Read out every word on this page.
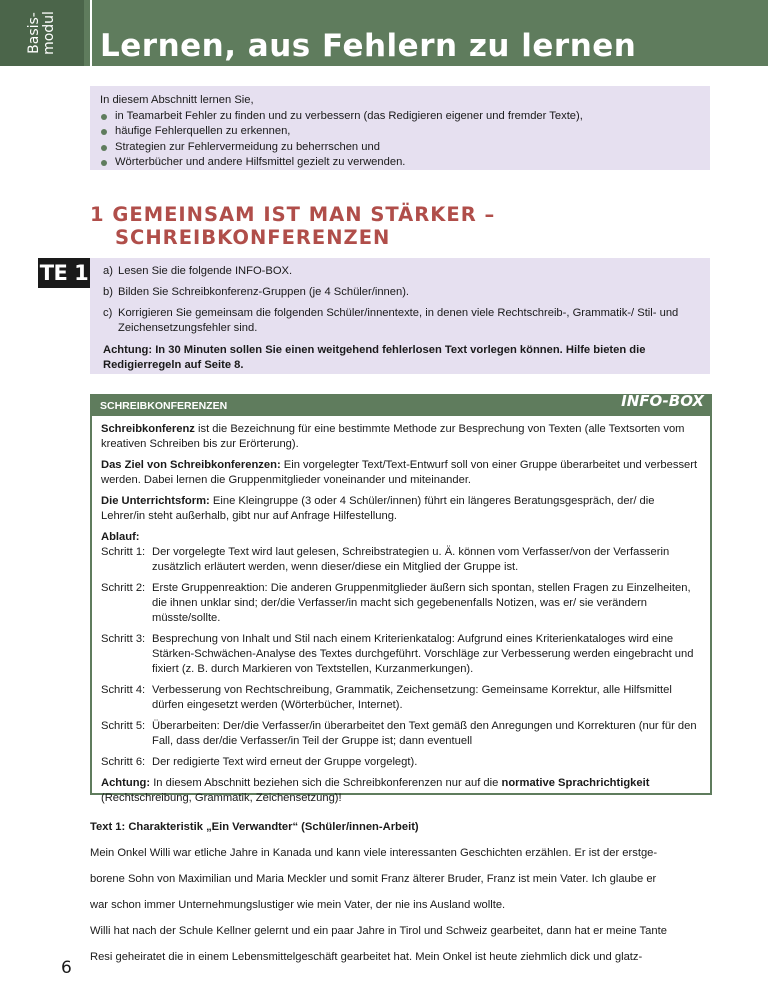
Basis- modul Lernen, aus Fehlern zu lernen
In diesem Abschnitt lernen Sie,
in Teamarbeit Fehler zu finden und zu verbessern (das Redigieren eigener und fremder Texte),
häufige Fehlerquellen zu erkennen,
Strategien zur Fehlervermeidung zu beherrschen und
Wörterbücher und andere Hilfsmittel gezielt zu verwenden.
1 GEMEINSAM IST MAN STÄRKER –
SCHREIBKONFERENZEN
TE 1 a) Lesen Sie die folgende INFO-BOX.
b) Bilden Sie Schreibkonferenz-Gruppen (je 4 Schüler/innen).
c) Korrigieren Sie gemeinsam die folgenden Schüler/innentexte, in denen viele Rechtschreib-, Grammatik-/ Stil- und Zeichensetzungsfehler sind.
Achtung: In 30 Minuten sollen Sie einen weitgehend fehlerlosen Text vorlegen können. Hilfe bieten die Redigierregeln auf Seite 8.
SCHREIBKONFERENZEN	INFO-BOX

Schreibkonferenz ist die Bezeichnung für eine bestimmte Methode zur Besprechung von Texten (alle Textsorten vom kreativen Schreiben bis zur Erörterung).

Das Ziel von Schreibkonferenzen: Ein vorgelegter Text/Text-Entwurf soll von einer Gruppe überarbeitet und verbessert werden. Dabei lernen die Gruppenmitglieder voneinander und miteinander.

Die Unterrichtsform: Eine Kleingruppe (3 oder 4 Schüler/innen) führt ein längeres Beratungsgespräch, der/ die Lehrer/in steht außerhalb, gibt nur auf Anfrage Hilfestellung.

Ablauf:
Schritt 1: Der vorgelegte Text wird laut gelesen, Schreibstrategien u. Ä. können vom Verfasser/von der Verfasserin zusätzlich erläutert werden, wenn dieser/diese ein Mitglied der Gruppe ist.
Schritt 2: Erste Gruppenreaktion: Die anderen Gruppenmitglieder äußern sich spontan, stellen Fragen zu Einzelheiten, die ihnen unklar sind; der/die Verfasser/in macht sich gegebenenfalls Notizen, was er/ sie verändern müsste/sollte.
Schritt 3: Besprechung von Inhalt und Stil nach einem Kriterienkatalog: Aufgrund eines Kriterienkataloges wird eine Stärken-Schwächen-Analyse des Textes durchgeführt. Vorschläge zur Verbesserung werden eingebracht und fixiert (z. B. durch Markieren von Textstellen, Kurzanmerkungen).
Schritt 4: Verbesserung von Rechtschreibung, Grammatik, Zeichensetzung: Gemeinsame Korrektur, alle Hilfsmittel dürfen eingesetzt werden (Wörterbücher, Internet).
Schritt 5: Überarbeiten: Der/die Verfasser/in überarbeitet den Text gemäß den Anregungen und Korrekturen (nur für den Fall, dass der/die Verfasser/in Teil der Gruppe ist; dann eventuell
Schritt 6: Der redigierte Text wird erneut der Gruppe vorgelegt).

Achtung: In diesem Abschnitt beziehen sich die Schreibkonferenzen nur auf die normative Sprachrichtigkeit (Rechtschreibung, Grammatik, Zeichensetzung)!

Text 1: Charakteristik „Ein Verwandter“ (Schüler/innen-Arbeit)
Mein Onkel Willi war etliche Jahre in Kanada und kann viele interessanten Geschichten erzählen. Er ist der erstge-
borene Sohn von Maximilian und Maria Meckler und somit Franz älterer Bruder, Franz ist mein Vater. Ich glaube er
war schon immer Unternehmungslustiger wie mein Vater, der nie ins Ausland wollte.
Willi hat nach der Schule Kellner gelernt und ein paar Jahre in Tirol und Schweiz gearbeitet, dann hat er meine Tante
Resi geheiratet die in einem Lebensmittelgeschäft gearbeitet hat. Mein Onkel ist heute ziehmlich dick und glatz-
6
